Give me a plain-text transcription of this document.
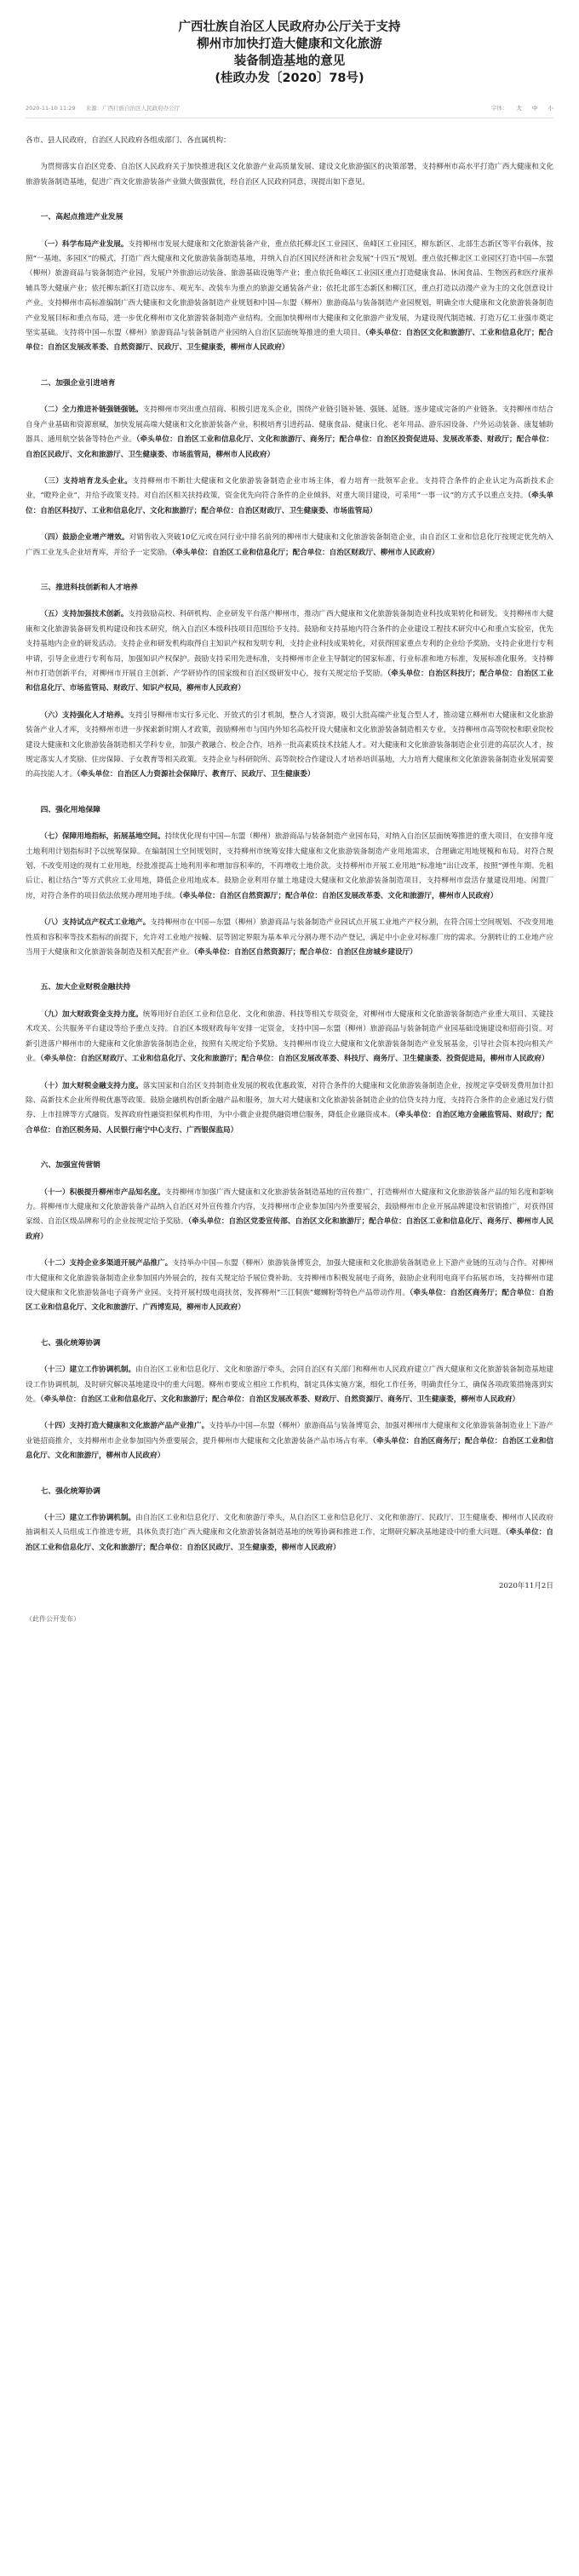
广西壮族自治区人民政府办公厅关于支持
柳州市加快打造大健康和文化旅游
装备制造基地的意见
(桂政办发〔2020〕78号)
2020-11-10 11:29 来源：广西壮族自治区人民政府办公厅	字体： 大 中 小
各市、县人民政府，自治区人民政府各组成部门、各直属机构：

为贯彻落实自治区党委、自治区人民政府关于加快推进我区文化旅游产业高质量发展、建设文化旅游强区的决策部署，支持柳州市高水平打造广西大健康和文化旅游装备制造基地，促进广西文化旅游装备产业做大做强做优，经自治区人民政府同意，现提出如下意见。

一、高起点推进产业发展

（一）科学布局产业发展。支持柳州市发展大健康和文化旅游装备产业，重点依托柳北区工业园区、鱼峰区工业园区，柳东新区、北部生态新区等平台载体，按照“一基地、多园区”的模式，打造广西大健康和文化旅游装备制造基地，并纳入自治区国民经济和社会发展“十四五”规划。重点依托柳北区工业园区打造中国—东盟（柳州）旅游商品与装备制造产业园，发展户外旅游运动装备、旅游基础设施等产业；重点依托鱼峰区工业园区重点打造健康食品、休闲食品、生物医药和医疗康养辅具等大健康产业；依托柳东新区打造以房车、观光车、改装车为重点的旅游交通装备产业；依托北部生态新区和柳江区，重点打造以动漫产业为主的文化创意设计产业。支持柳州市高标准编制广西大健康和文化旅游装备制造产业规划和中国—东盟（柳州）旅游商品与装备制造产业园规划，明确全市大健康和文化旅游装备制造产业发展目标和重点布局，进一步优化柳州市文化旅游装备制造产业结构。全面加快柳州市大健康和文化旅游产业发展，为建设现代制造城、打造万亿工业强市奠定坚实基础。支持将中国—东盟（柳州）旅游商品与装备制造产业园纳入自治区层面统筹推进的重大项目。（牵头单位：自治区文化和旅游厅、工业和信息化厅；配合单位：自治区发展改革委、自然资源厅、民政厅、卫生健康委，柳州市人民政府）

二、加强企业引进培育

（二）全力推进补链强链强链。支持柳州市突出重点招商、积极引进龙头企业，围绕产业链引链补链、强链、延链。逐步建成完备的产业链条。支持柳州市结合自身产业基础和资源禀赋，加快发展高端大健康和文化旅游装备产业，积极培育引进药品、健康食品、健康日化、老年用品、游乐园设备、户外运动装备、康复辅助器具、通用航空装备等特色产业。（牵头单位：自治区工业和信息化厅、文化和旅游厅、商务厅；配合单位：自治区投资促进局、发展改革委、财政厅；配合单位：自治区民政厅、文化和旅游厅、卫生健康委、市场监管局，柳州市人民政府）

（三）支持培育龙头企业。支持柳州市不断壮大健康和文化旅游装备制造企业市场主体，着力培育一批领军企业。支持符合条件的企业认定为高新技术企业，“瞪羚企业”，并给予政策支持。对自治区相关扶持政策，资金优先向符合条件的企业倾斜，对重大项目建设，可采用“一事一议”的方式予以重点支持。（牵头单位：自治区科技厅、工业和信息化厅、文化和旅游厅；配合单位：自治区财政厅、卫生健康委、市场监管局）

（四）鼓励企业增产增效。对销售收入突破10亿元或在同行业中排名前列的柳州市大健康和文化旅游装备制造企业，由自治区工业和信息化厅按规定优先纳入广西工业龙头企业培育库，并给予一定奖励。（牵头单位：自治区工业和信息化厅；配合单位：自治区财政厅、柳州市人民政府）

三、推进科技创新和人才培养

（五）支持加强技术创新。支持鼓励高校、科研机构、企业研发平台落户柳州市，推动广西大健康和文化旅游装备制造业科技成果转化和研发。支持柳州市大健康和文化旅游装备研发机构建设和技术研究，纳入自治区本级科技项目范围给予支持。鼓励和支持基地内符合条件的企业建设工程技术研究中心和重点实验室，优先支持基地内企业的研发活动。支持企业和研发机构取得自主知识产权和发明专利，支持企业科技成果转化，对获得国家重点专利的企业给予奖励，支持企业进行专利申请，引导企业进行专利布局，加强知识产权保护。鼓励支持采用先进标准，支持柳州市企业主导制定的国家标准、行业标准和地方标准，发展标准化服务。支持柳州市打造创新平台，对柳州市开展自主创新、产学研协作的国家级和自治区级研发中心，按有关规定给予奖励。（牵头单位：自治区科技厅；配合单位：自治区工业和信息化厅、市场监管局、财政厅、知识产权局，柳州市人民政府）

（六）支持强化人才培养。支持引导柳州市实行多元化、开放式的引才机制，整合人才资源，吸引大批高端产业复合型人才，推动建立柳州市大健康和文化旅游装备产业人才库，支持柳州市进一步探索新时期人才政策，鼓励柳州市与国内外知名高校开设大健康和文化旅游装备制造相关专业，支持柳州市高等院校和职业院校建设大健康和文化旅游装备制造相关学科专业，加强产教融合、校企合作，培养一批高素质技术技能人才。对大健康和文化旅游装备制造企业引进的高层次人才，按规定落实人才奖励、住房保障、子女教育等相关政策。支持企业与科研院所、高等院校合作建设人才培养培训基地，大力培育大健康和文化旅游装备制造业发展需要的高技能人才。（牵头单位：自治区人力资源社会保障厅、教育厅、民政厅、卫生健康委）

四、强化用地保障

（七）保障用地指标，拓展基地空间。持续优化现有中国—东盟（柳州）旅游商品与装备制造产业园布局，对纳入自治区层面统筹推进的重大项目，在安排年度土地利用计划指标时予以统筹保障。在编制国土空间规划时，支持柳州市统筹安排大健康和文化旅游装备制造产业用地需求，合理确定用地规模和布局。对符合规划、不改变用途的现有工业用地，经批准提高土地利用率和增加容积率的，不再增收土地价款。支持柳州市开展工业用地“标准地”出让改革，按照“弹性年期、先租后让、租让结合”等方式供应工业用地，降低企业用地成本。鼓励企业利用存量土地建设大健康和文化旅游装备制造项目，支持柳州市盘活存量建设用地、闲置厂房，对符合条件的项目依法依规办理用地手续。（牵头单位：自治区自然资源厅；配合单位：自治区发展改革委、文化和旅游厅，柳州市人民政府）

（八）支持试点产权式工业地产。支持柳州市在中国—东盟（柳州）旅游商品与装备制造产业园试点开展工业地产产权分割，在符合国土空间规划、不改变用地性质和容积率等技术指标的前提下，允许对工业地产按幢、层等固定界限为基本单元分割办理不动产登记，满足中小企业对标准厂房的需求。分割转让的工业地产应当用于大健康和文化旅游装备制造及相关配套产业。（牵头单位：自治区自然资源厅；配合单位：自治区住房城乡建设厅）

五、加大企业财税金融扶持

（九）加大财政资金支持力度。统筹用好自治区工业和信息化、文化和旅游、科技等相关专项资金，对柳州市大健康和文化旅游装备制造产业重大项目、关键技术攻关、公共服务平台建设等给予重点支持。自治区本级财政每年安排一定资金，支持中国—东盟（柳州）旅游商品与装备制造产业园基础设施建设和招商引资。对新引进落户柳州市的大健康和文化旅游装备制造企业，按照有关规定给予奖励。支持柳州市设立大健康和文化旅游装备制造产业发展基金，引导社会资本投向相关产业。（牵头单位：自治区财政厅、工业和信息化厅、文化和旅游厅；配合单位：自治区发展改革委、科技厅、商务厅、卫生健康委、投资促进局，柳州市人民政府）

（十）加大财税金融支持力度。落实国家和自治区支持制造业发展的税收优惠政策，对符合条件的大健康和文化旅游装备制造企业，按规定享受研发费用加计扣除、高新技术企业所得税优惠等政策。鼓励金融机构创新金融产品和服务，加大对大健康和文化旅游装备制造企业的信贷支持力度，支持符合条件的企业通过发行债券、上市挂牌等方式融资。发挥政府性融资担保机构作用，为中小微企业提供融资增信服务，降低企业融资成本。（牵头单位：自治区地方金融监管局、财政厅；配合单位：自治区税务局、人民银行南宁中心支行、广西银保监局）

六、加强宣传营销

（十一）积极提升柳州市产品知名度。支持柳州市加强广西大健康和文化旅游装备制造基地的宣传推广，打造柳州市大健康和文化旅游装备产品的知名度和影响力。将柳州市大健康和文化旅游装备产品纳入自治区对外宣传推介内容，支持柳州市企业参加国内外重要展会，鼓励柳州市企业开展品牌建设和营销推广，对获得国家级、自治区级品牌称号的企业按规定给予奖励。（牵头单位：自治区党委宣传部、自治区文化和旅游厅；配合单位：自治区工业和信息化厅、商务厅、柳州市人民政府）

（十二）支持企业多渠道开展产品推广。支持举办中国—东盟（柳州）旅游装备博览会，加强大健康和文化旅游装备制造业上下游产业链的互动与合作。对柳州市大健康和文化旅游装备制造企业参加国内外展会的，按有关规定给予展位费补助。支持柳州市积极发展电子商务，鼓励企业利用电商平台拓展市场，支持柳州市建设大健康和文化旅游装备电子商务产业园。支持开展村级电商扶贫，发挥柳州“三江侗族”螺蛳粉等特色产品带动作用。（牵头单位：自治区商务厅；配合单位：自治区工业和信息化厅、文化和旅游厅、广西博览局，柳州市人民政府）

七、强化统筹协调

（十三）建立工作协调机制。由自治区工业和信息化厅、文化和旅游厅牵头，会同自治区有关部门和柳州市人民政府建立广西大健康和文化旅游装备制造基地建设工作协调机制，及时研究解决基地建设中的重大问题。柳州市要成立相应工作机构，制定具体实施方案，细化工作任务，明确责任分工，确保各项政策措施落到实处。（牵头单位：自治区工业和信息化厅、文化和旅游厅；配合单位：自治区发展改革委、财政厅、自然资源厅、商务厅、卫生健康委，柳州市人民政府）

（十四）支持打造大健康和文化旅游产品产业推广。支持举办中国—东盟（柳州）旅游商品与装备博览会，加强对柳州市大健康和文化旅游装备制造业上下游产业链招商推介，支持柳州市企业参加国内外重要展会，提升柳州市大健康和文化旅游装备产品市场占有率。（牵头单位：自治区商务厅；配合单位：自治区工业和信息化厅、文化和旅游厅，柳州市人民政府）

七、强化统筹协调

（十三）建立工作协调机制。由自治区工业和信息化厅、文化和旅游厅牵头，从自治区工业和信息化厅、文化和旅游厅、民政厅、卫生健康委、柳州市人民政府抽调相关人员组成工作推进专班，具体负责打造广西大健康和文化旅游装备制造基地的统筹协调和推进工作，定期研究解决基地建设中的重大问题。（牵头单位：自治区工业和信息化厅、文化和旅游厅；配合单位：自治区民政厅、卫生健康委，柳州市人民政府）

2020年11月2日
（此件公开发布）
